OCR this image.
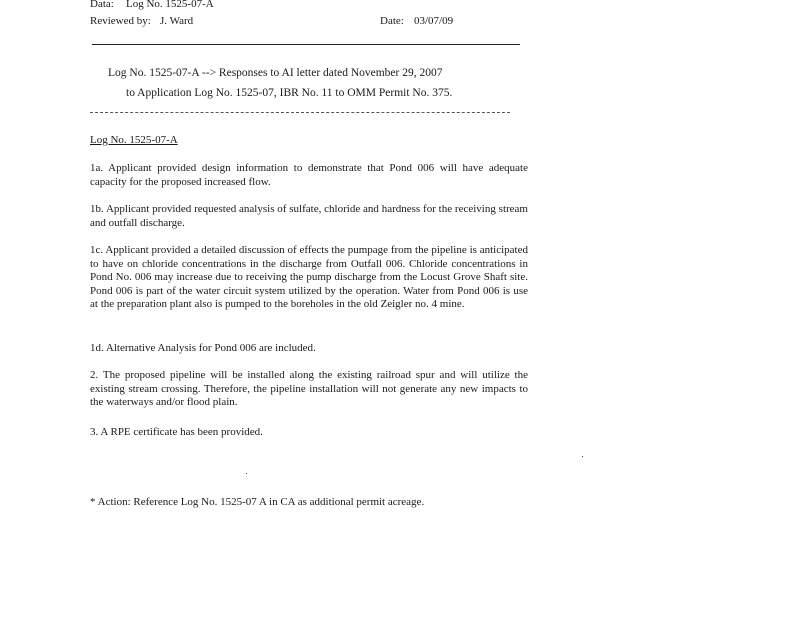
Data: Log No. 1525-07-A
Reviewed by: J. Ward	Date: 03/07/09
Log No. 1525-07-A --> Responses to AI letter dated November 29, 2007
to Application Log No. 1525-07, IBR No. 11 to OMM Permit No. 375.
Log No. 1525-07-A
1a. Applicant provided design information to demonstrate that Pond 006 will have adequate capacity for the proposed increased flow.
1b. Applicant provided requested analysis of sulfate, chloride and hardness for the receiving stream and outfall discharge.
1c. Applicant provided a detailed discussion of effects the pumpage from the pipeline is anticipated to have on chloride concentrations in the discharge from Outfall 006. Chloride concentrations in Pond No. 006 may increase due to receiving the pump discharge from the Locust Grove Shaft site. Pond 006 is part of the water circuit system utilized by the operation. Water from Pond 006 is use at the preparation plant also is pumped to the boreholes in the old Zeigler no. 4 mine.
1d. Alternative Analysis for Pond 006 are included.
2. The proposed pipeline will be installed along the existing railroad spur and will utilize the existing stream crossing. Therefore, the pipeline installation will not generate any new impacts to the waterways and/or flood plain.
3. A RPE certificate has been provided.
* Action: Reference Log No. 1525-07 A in CA as additional permit acreage.
